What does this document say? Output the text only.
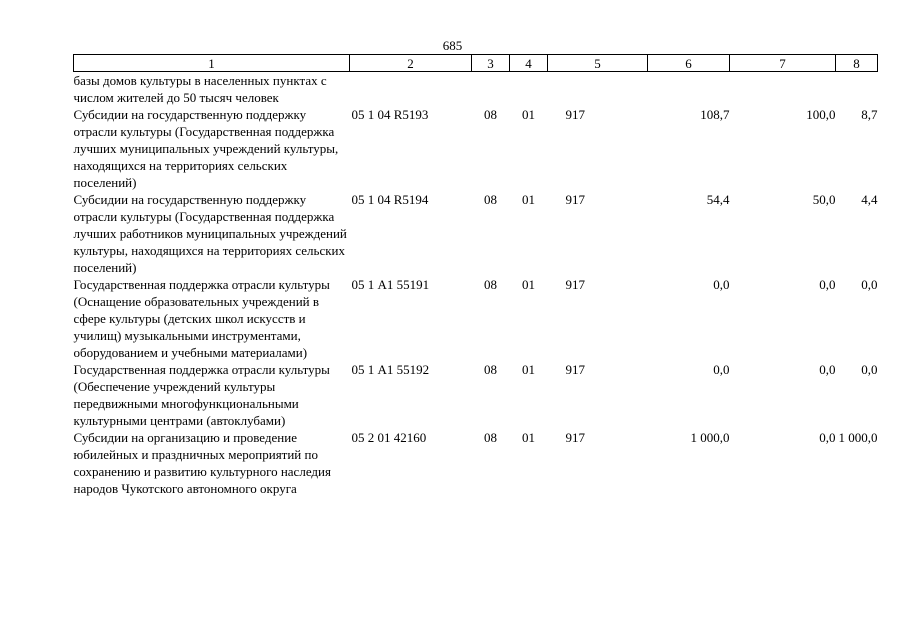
685
1	2	3	4	5	6	7	8
базы домов культуры в населенных пунктах с числом жителей до 50 тысяч человек							
Субсидии на государственную поддержку отрасли культуры (Государственная поддержка лучших муниципальных учреждений культуры, находящихся на территориях сельских поселений)	05 1 04 R5193	08	01	917	108,7	100,0	8,7
Субсидии на государственную поддержку отрасли культуры (Государственная поддержка лучших работников муниципальных учреждений культуры, находящихся на территориях сельских поселений)	05 1 04 R5194	08	01	917	54,4	50,0	4,4
Государственная поддержка отрасли культуры (Оснащение образовательных учреждений в сфере культуры (детских школ искусств и училищ) музыкальными инструментами, оборудованием и учебными материалами)	05 1 А1 55191	08	01	917	0,0	0,0	0,0
Государственная поддержка отрасли культуры (Обеспечение учреждений культуры передвижными многофункциональными культурными центрами (автоклубами)	05 1 А1 55192	08	01	917	0,0	0,0	0,0
Субсидии на организацию и проведение юбилейных и праздничных мероприятий по сохранению и развитию культурного наследия народов Чукотского автономного округа	05 2 01 42160	08	01	917	1 000,0	0,0	1 000,0
